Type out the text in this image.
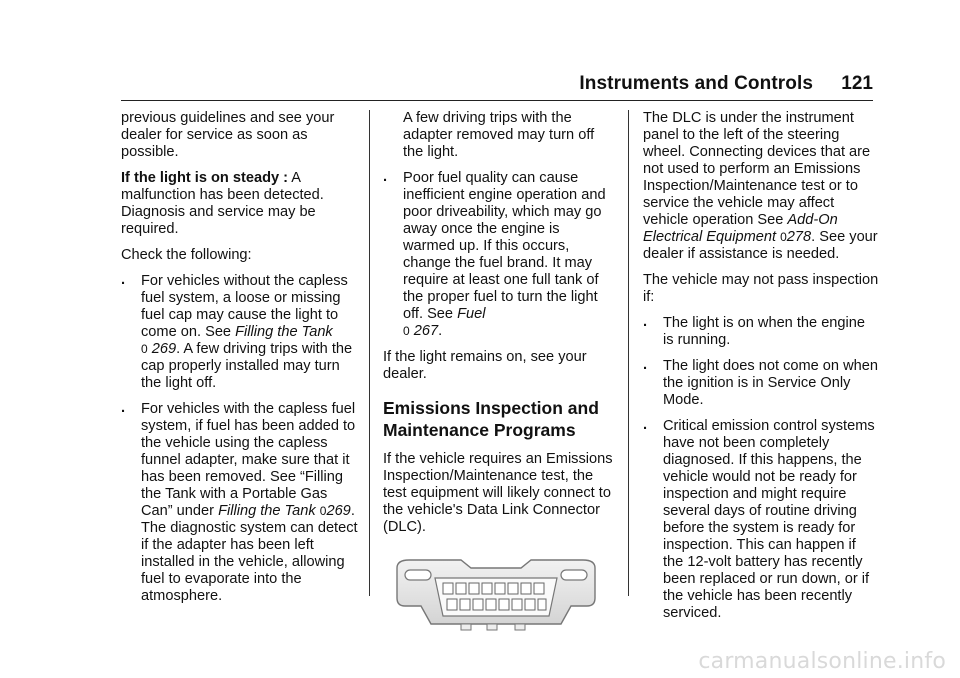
Instruments and Controls 121

previous guidelines and see your dealer for service as soon as possible.

If the light is on steady : A malfunction has been detected. Diagnosis and service may be required.

Check the following:

. For vehicles without the capless fuel system, a loose or missing fuel cap may cause the light to come on. See Filling the Tank
0 269. A few driving trips with the cap properly installed may turn the light off.
. For vehicles with the capless fuel system, if fuel has been added to the vehicle using the capless funnel adapter, make sure that it has been removed. See “Filling the Tank with a Portable Gas Can” under Filling the Tank 0269. The diagnostic system can detect if the adapter has been left installed in the vehicle, allowing fuel to evaporate into the atmosphere.

A few driving trips with the adapter removed may turn off the light.

. Poor fuel quality can cause inefficient engine operation and poor driveability, which may go away once the engine is warmed up. If this occurs, change the fuel brand. It may require at least one full tank of the proper fuel to turn the light off. See Fuel
0 267.

If the light remains on, see your dealer.

Emissions Inspection and
Maintenance Programs

If the vehicle requires an Emissions Inspection/Maintenance test, the test equipment will likely connect to the vehicle's Data Link Connector (DLC).

The DLC is under the instrument panel to the left of the steering wheel. Connecting devices that are not used to perform an Emissions Inspection/Maintenance test or to service the vehicle may affect vehicle operation See Add-On Electrical Equipment 0278. See your dealer if assistance is needed.

The vehicle may not pass inspection if:

. The light is on when the engine is running.
. The light does not come on when the ignition is in Service Only Mode.
. Critical emission control systems have not been completely diagnosed. If this happens, the vehicle would not be ready for inspection and might require several days of routine driving before the system is ready for inspection. This can happen if the 12-volt battery has recently been replaced or run down, or if the vehicle has been recently serviced.
carmanualsonline.info
